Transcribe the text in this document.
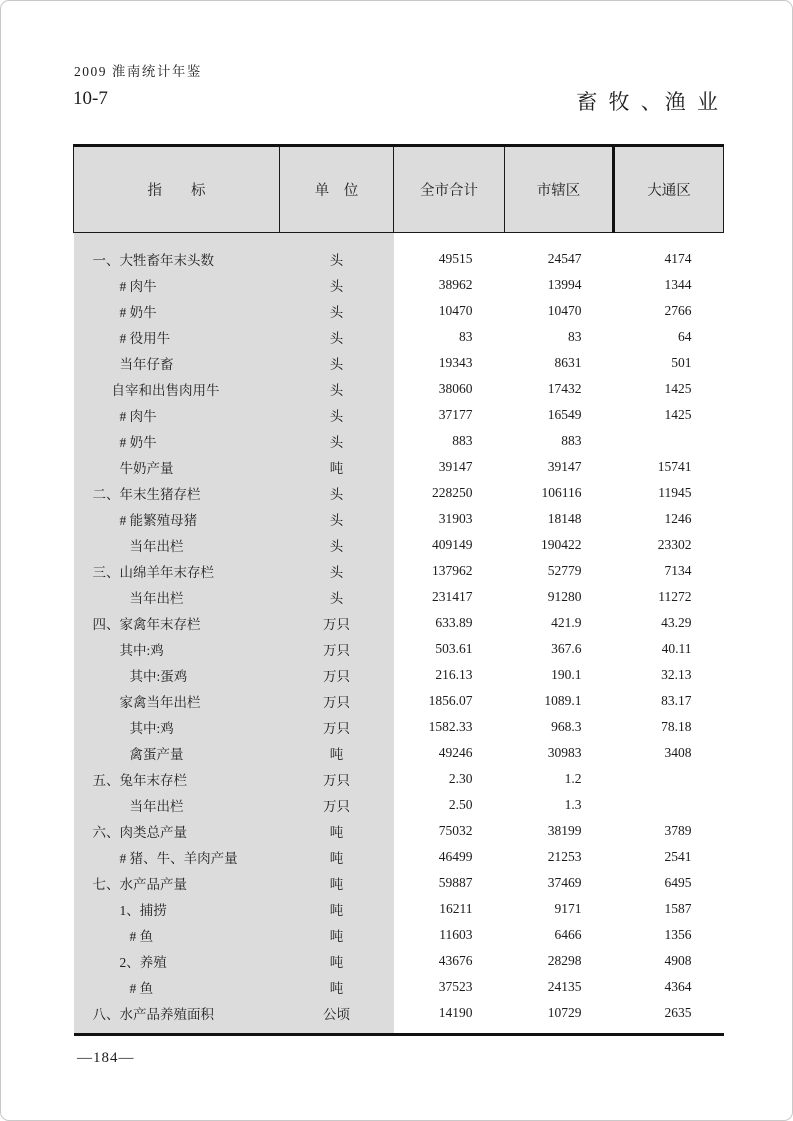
2009 淮南统计年鉴
10-7	畜 牧 、渔 业
指　　标	单　位	全市合计	市辖区	大通区

一、大牲畜年末头数	头	49515	24547	4174
# 肉牛	头	38962	13994	1344
# 奶牛	头	10470	10470	2766
# 役用牛	头	83	83	64
当年仔畜	头	19343	8631	501
自宰和出售肉用牛	头	38060	17432	1425
# 肉牛	头	37177	16549	1425
# 奶牛	头	883	883	
牛奶产量	吨	39147	39147	15741
二、年末生猪存栏	头	228250	106116	11945
# 能繁殖母猪	头	31903	18148	1246
当年出栏	头	409149	190422	23302
三、山绵羊年末存栏	头	137962	52779	7134
当年出栏	头	231417	91280	11272
四、家禽年末存栏	万只	633.89	421.9	43.29
其中:鸡	万只	503.61	367.6	40.11
其中:蛋鸡	万只	216.13	190.1	32.13
家禽当年出栏	万只	1856.07	1089.1	83.17
其中:鸡	万只	1582.33	968.3	78.18
禽蛋产量	吨	49246	30983	3408
五、兔年末存栏	万只	2.30	1.2	
当年出栏	万只	2.50	1.3	
六、肉类总产量	吨	75032	38199	3789
# 猪、牛、羊肉产量	吨	46499	21253	2541
七、水产品产量	吨	59887	37469	6495
1、捕捞	吨	16211	9171	1587
# 鱼	吨	11603	6466	1356
2、养殖	吨	43676	28298	4908
# 鱼	吨	37523	24135	4364
八、水产品养殖面积	公顷	14190	10729	2635

—184—
